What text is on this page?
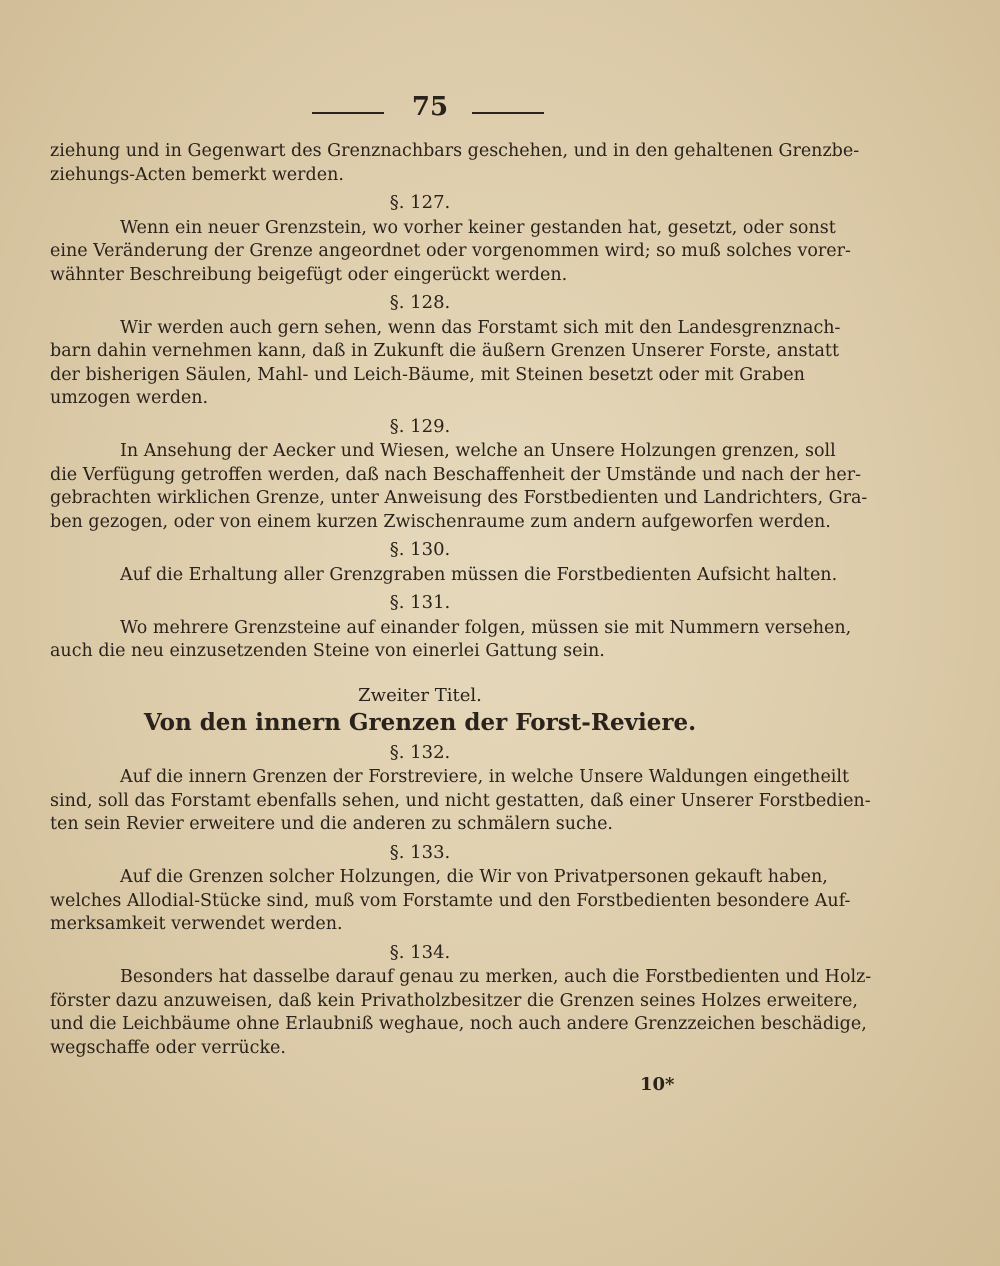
75
ziehung und in Gegenwart des Grenznachbars geschehen, und in den gehaltenen Grenzbe-
ziehungs-Acten bemerkt werden.
§. 127.
Wenn ein neuer Grenzstein, wo vorher keiner gestanden hat, gesetzt, oder sonst
eine Veränderung der Grenze angeordnet oder vorgenommen wird; so muß solches vorer-
wähnter Beschreibung beigefügt oder eingerückt werden.
§. 128.
Wir werden auch gern sehen, wenn das Forstamt sich mit den Landesgrenznach-
barn dahin vernehmen kann, daß in Zukunft die äußern Grenzen Unserer Forste, anstatt
der bisherigen Säulen, Mahl- und Leich-Bäume, mit Steinen besetzt oder mit Graben
umzogen werden.
§. 129.
In Ansehung der Aecker und Wiesen, welche an Unsere Holzungen grenzen, soll
die Verfügung getroffen werden, daß nach Beschaffenheit der Umstände und nach der her-
gebrachten wirklichen Grenze, unter Anweisung des Forstbedienten und Landrichters, Gra-
ben gezogen, oder von einem kurzen Zwischenraume zum andern aufgeworfen werden.
§. 130.
Auf die Erhaltung aller Grenzgraben müssen die Forstbedienten Aufsicht halten.
§. 131.
Wo mehrere Grenzsteine auf einander folgen, müssen sie mit Nummern versehen,
auch die neu einzusetzenden Steine von einerlei Gattung sein.
Zweiter Titel.
Von den innern Grenzen der Forst-Reviere.
§. 132.
Auf die innern Grenzen der Forstreviere, in welche Unsere Waldungen eingetheilt
sind, soll das Forstamt ebenfalls sehen, und nicht gestatten, daß einer Unserer Forstbedien-
ten sein Revier erweitere und die anderen zu schmälern suche.
§. 133.
Auf die Grenzen solcher Holzungen, die Wir von Privatpersonen gekauft haben,
welches Allodial-Stücke sind, muß vom Forstamte und den Forstbedienten besondere Auf-
merksamkeit verwendet werden.
§. 134.
Besonders hat dasselbe darauf genau zu merken, auch die Forstbedienten und Holz-
förster dazu anzuweisen, daß kein Privatholzbesitzer die Grenzen seines Holzes erweitere,
und die Leichbäume ohne Erlaubniß weghaue, noch auch andere Grenzzeichen beschädige,
wegschaffe oder verrücke.
10*
